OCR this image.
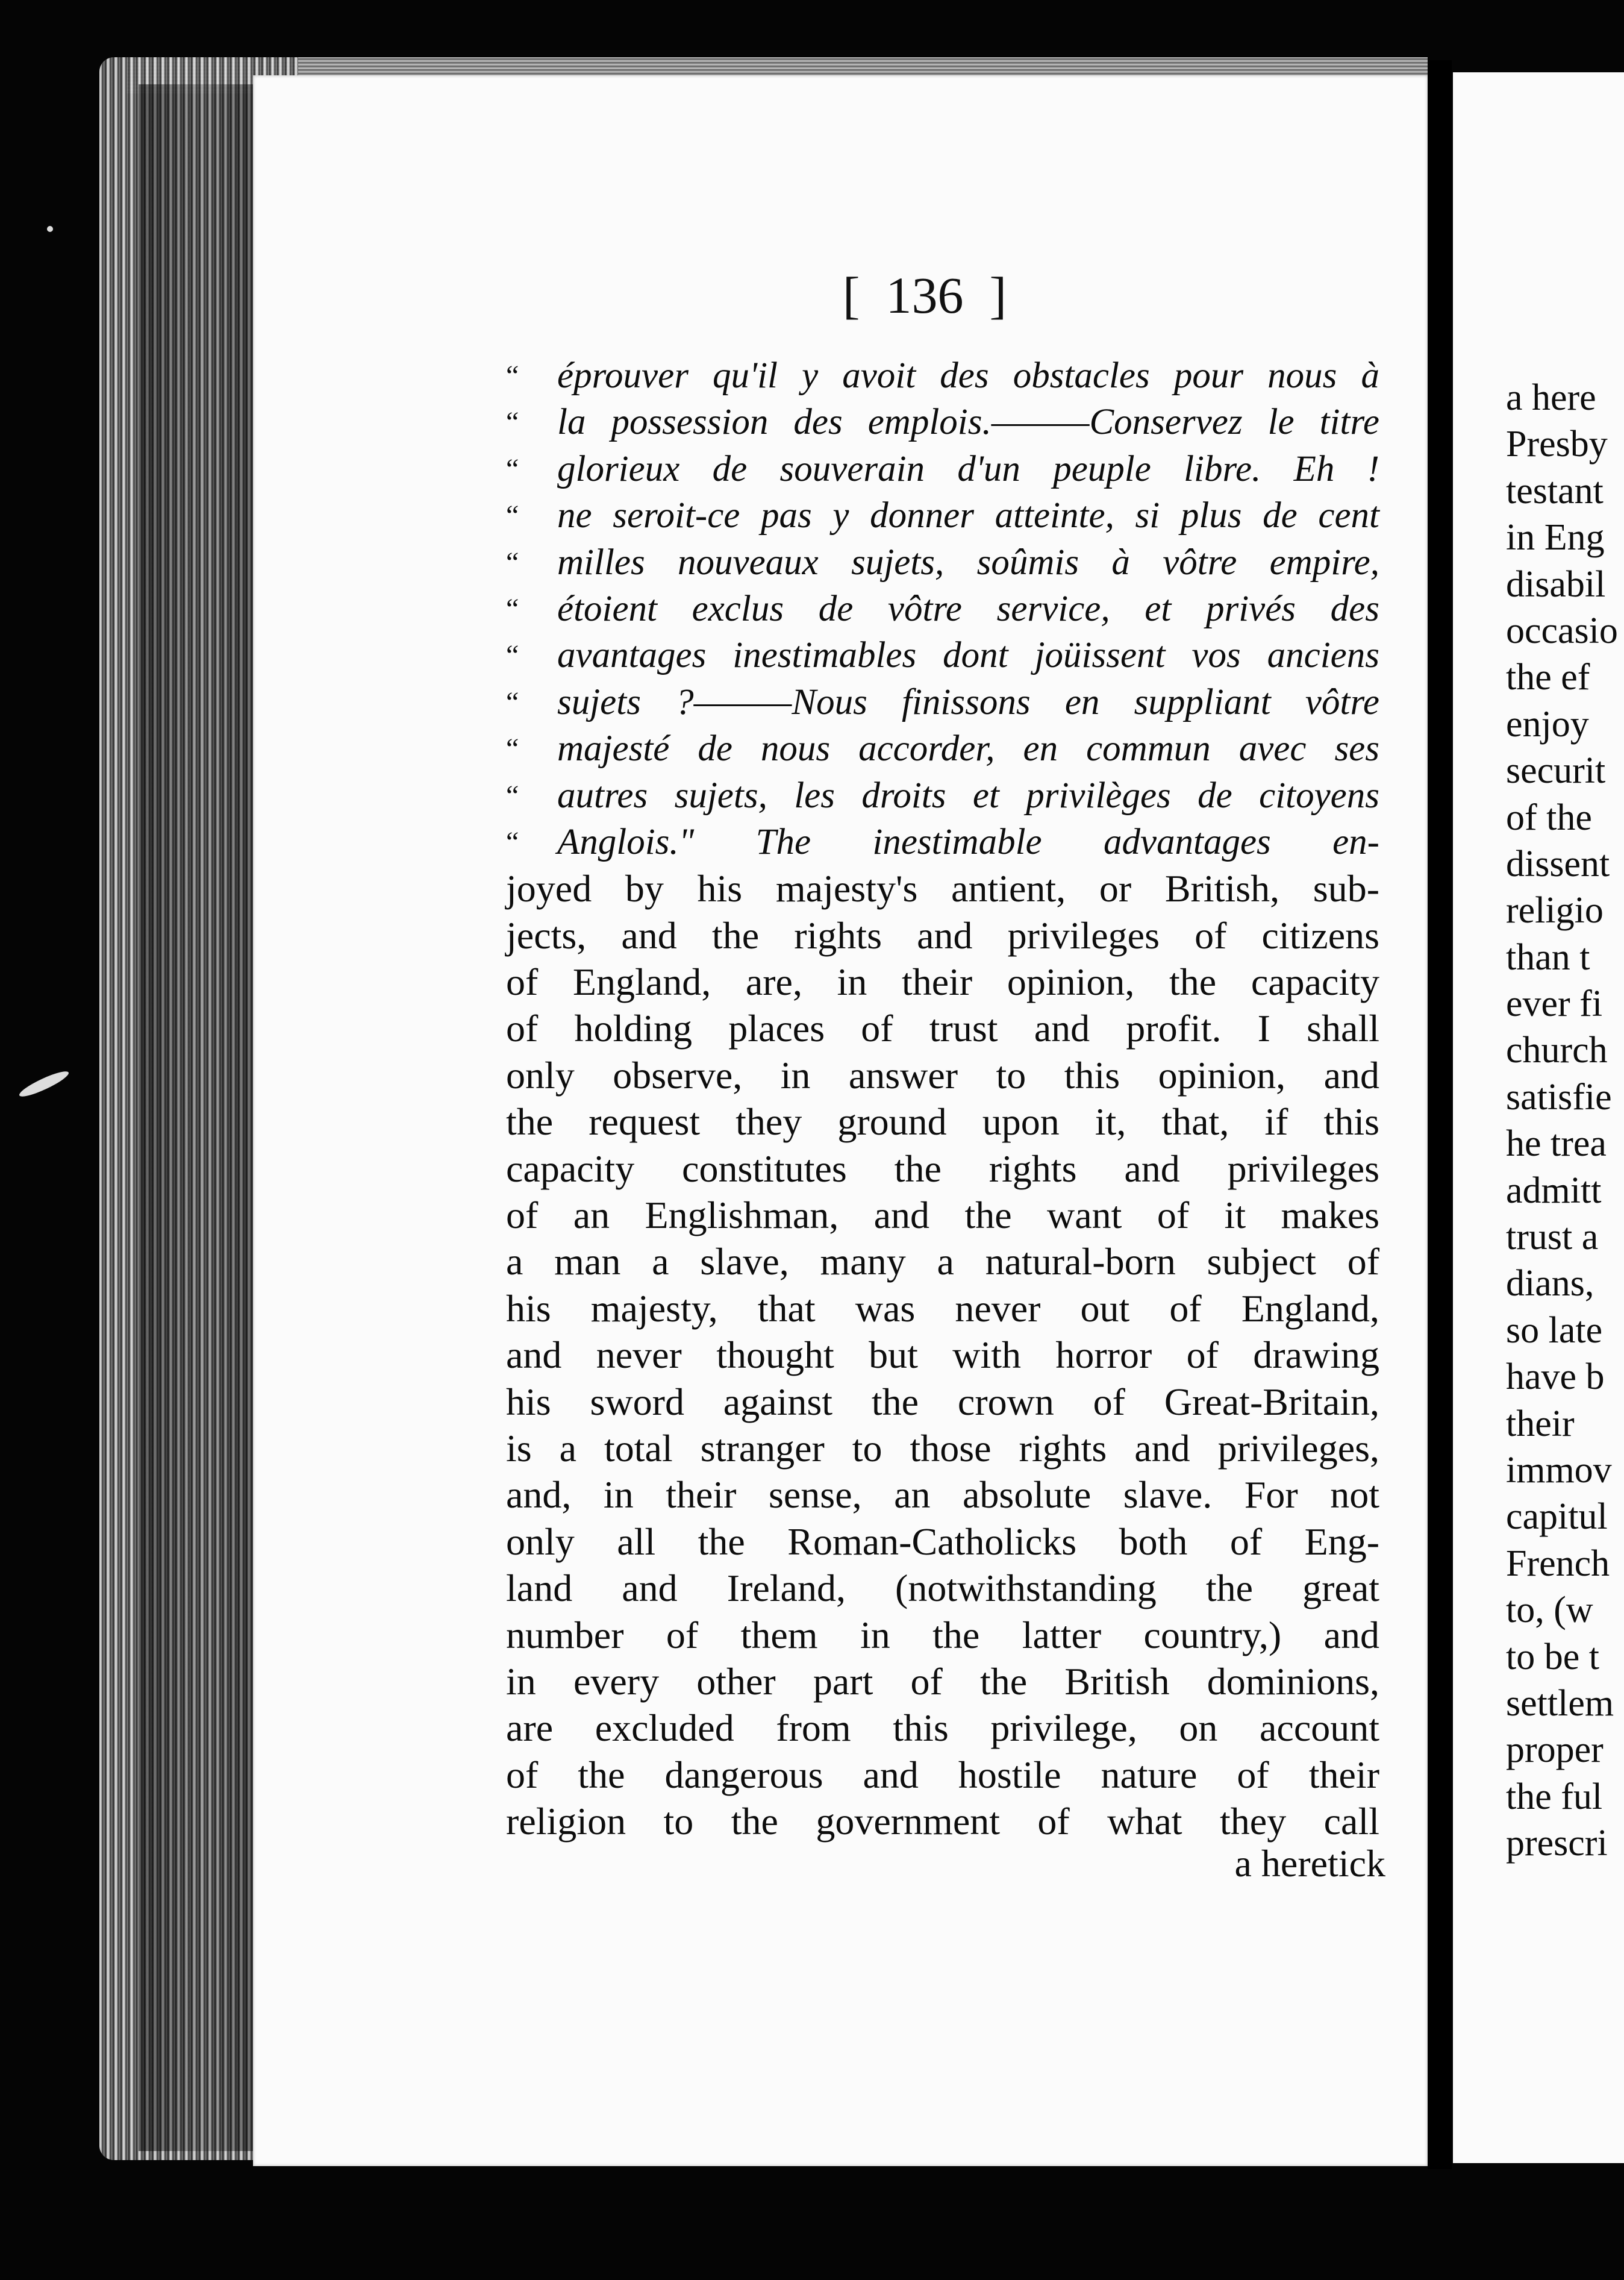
[  136  ]
“ éprouver qu'il y avoit des obstacles pour nous à
“ la possession des emplois.———Conservez le titre
“ glorieux de souverain d'un peuple libre. Eh !
“ ne seroit-ce pas y donner atteinte, si plus de cent
“ milles nouveaux sujets, soûmis à vôtre empire,
“ étoient exclus de vôtre service, et privés des
“ avantages inestimables dont joüissent vos anciens
“ sujets ?———Nous finissons en suppliant vôtre
“ majesté de nous accorder, en commun avec ses
“ autres sujets, les droits et privilèges de citoyens
“ Anglois." The inestimable advantages en-
joyed by his majesty's antient, or British, sub-
jects, and the rights and privileges of citizens
of England, are, in their opinion, the capacity
of holding places of trust and profit. I shall
only observe, in answer to this opinion, and
the request they ground upon it, that, if this
capacity constitutes the rights and privileges
of an Englishman, and the want of it makes
a man a slave, many a natural-born subject of
his majesty, that was never out of England,
and never thought but with horror of drawing
his sword against the crown of Great-Britain,
is a total stranger to those rights and privileges,
and, in their sense, an absolute slave. For not
only all the Roman-Catholicks both of Eng-
land and Ireland, (notwithstanding the great
number of them in the latter country,) and
in every other part of the British dominions,
are excluded from this privilege, on account
of the dangerous and hostile nature of their
religion to the government of what they call
a heretick
a here
Presby
testant
in Eng
disabil
occasio
the ef
enjoy
securit
of the
dissent
religio
than t
ever fi
church
satisfie
he trea
admitt
trust a
dians,
so late
have b
their
immov
capitul
French
to, (w
to be t
settlem
proper
the ful
prescri
